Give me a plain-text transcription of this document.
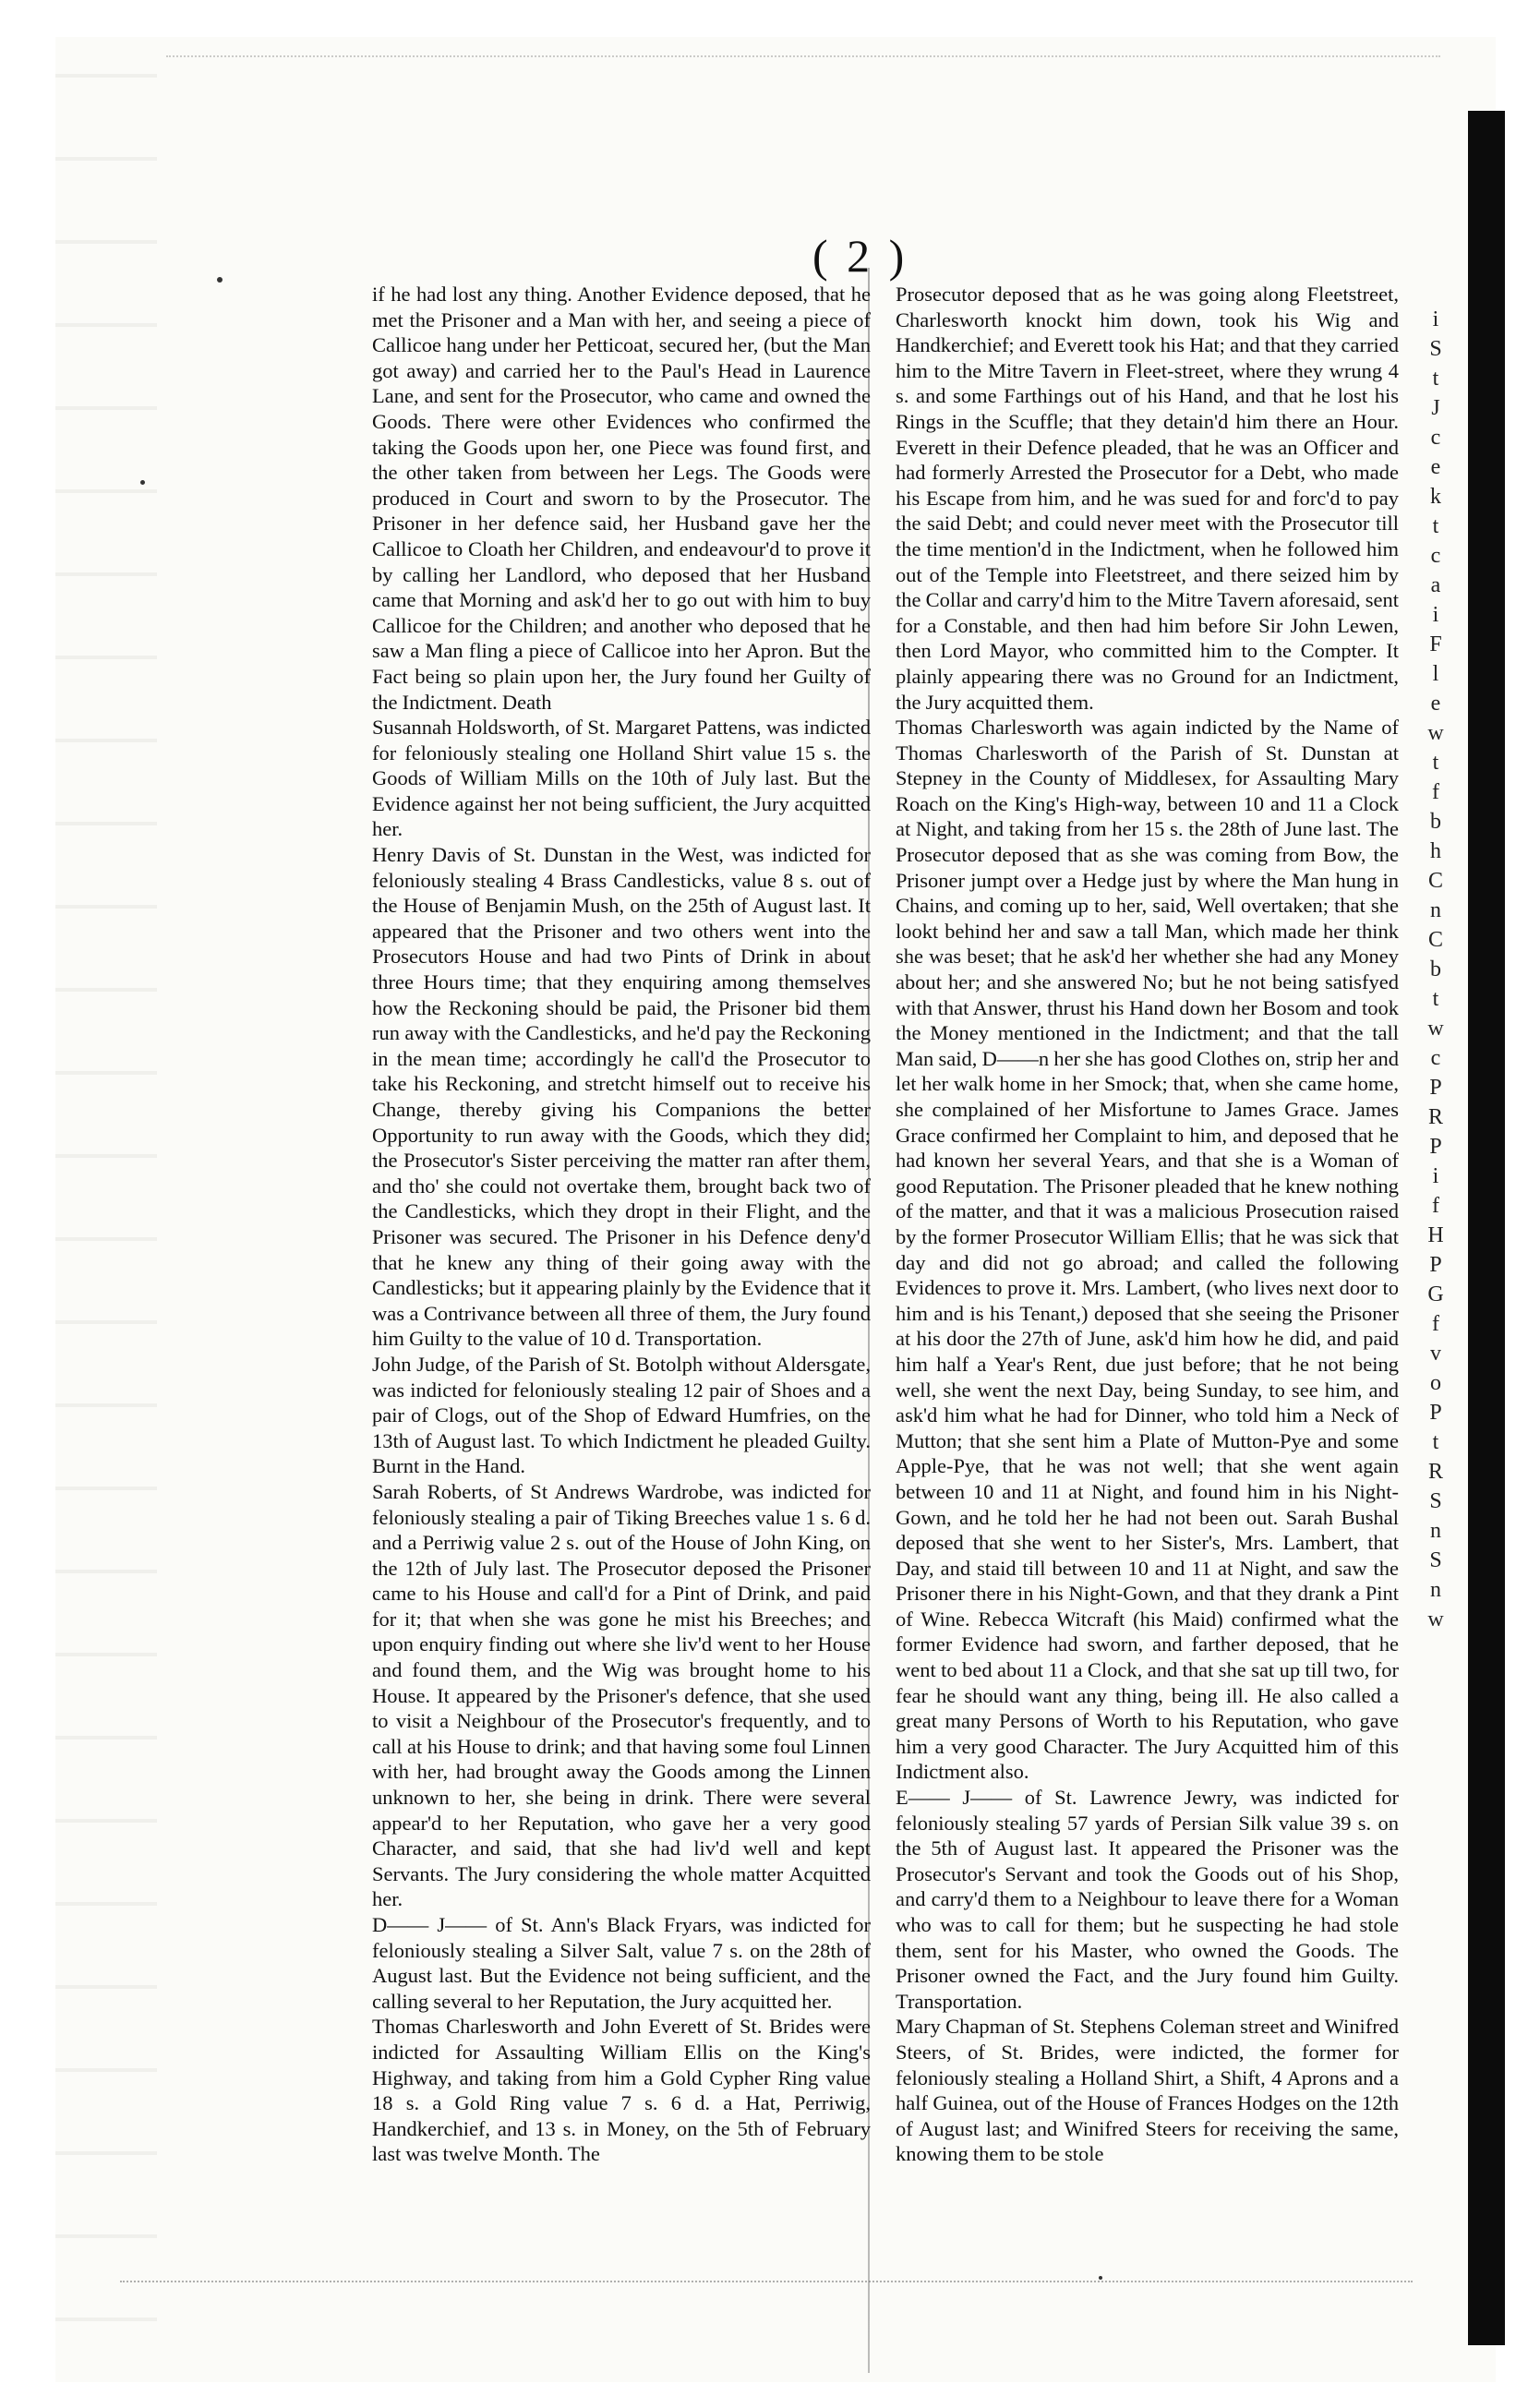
( 2 )

if he had lost any thing. Another Evidence deposed, that he met the Prisoner and a Man with her, and seeing a piece of Callicoe hang under her Petticoat, secured her, (but the Man got away) and carried her to the Paul's Head in Laurence Lane, and sent for the Prosecutor, who came and owned the Goods. There were other Evidences who confirmed the taking the Goods upon her, one Piece was found first, and the other taken from between her Legs. The Goods were produced in Court and sworn to by the Prosecutor. The Prisoner in her defence said, her Husband gave her the Callicoe to Cloath her Children, and endeavour'd to prove it by calling her Landlord, who deposed that her Husband came that Morning and ask'd her to go out with him to buy Callicoe for the Children; and another who deposed that he saw a Man fling a piece of Callicoe into her Apron. But the Fact being so plain upon her, the Jury found her Guilty of the Indictment. Death

Susannah Holdsworth, of St. Margaret Pattens, was indicted for feloniously stealing one Holland Shirt value 15 s. the Goods of William Mills on the 10th of July last. But the Evidence against her not being sufficient, the Jury acquitted her.

Henry Davis of St. Dunstan in the West, was indicted for feloniously stealing 4 Brass Candlesticks, value 8 s. out of the House of Benjamin Mush, on the 25th of August last. It appeared that the Prisoner and two others went into the Prosecutors House and had two Pints of Drink in about three Hours time; that they enquiring among themselves how the Reckoning should be paid, the Prisoner bid them run away with the Candlesticks, and he'd pay the Reckoning in the mean time; accordingly he call'd the Prosecutor to take his Reckoning, and stretcht himself out to receive his Change, thereby giving his Companions the better Opportunity to run away with the Goods, which they did; the Prosecutor's Sister perceiving the matter ran after them, and tho' she could not overtake them, brought back two of the Candlesticks, which they dropt in their Flight, and the Prisoner was secured. The Prisoner in his Defence deny'd that he knew any thing of their going away with the Candlesticks; but it appearing plainly by the Evidence that it was a Contrivance between all three of them, the Jury found him Guilty to the value of 10 d. Transportation.

John Judge, of the Parish of St. Botolph without Aldersgate, was indicted for feloniously stealing 12 pair of Shoes and a pair of Clogs, out of the Shop of Edward Humfries, on the 13th of August last. To which Indictment he pleaded Guilty. Burnt in the Hand.

Sarah Roberts, of St Andrews Wardrobe, was indicted for feloniously stealing a pair of Tiking Breeches value 1 s. 6 d. and a Perriwig value 2 s. out of the House of John King, on the 12th of July last. The Prosecutor deposed the Prisoner came to his House and call'd for a Pint of Drink, and paid for it; that when she was gone he mist his Breeches; and upon enquiry finding out where she liv'd went to her House and found them, and the Wig was brought home to his House. It appeared by the Prisoner's defence, that she used to visit a Neighbour of the Prosecutor's frequently, and to call at his House to drink; and that having some foul Linnen with her, had brought away the Goods among the Linnen unknown to her, she being in drink. There were several appear'd to her Reputation, who gave her a very good Character, and said, that she had liv'd well and kept Servants. The Jury considering the whole matter Acquitted her.

D—— J—— of St. Ann's Black Fryars, was indicted for feloniously stealing a Silver Salt, value 7 s. on the 28th of August last. But the Evidence not being sufficient, and the calling several to her Reputation, the Jury acquitted her.

Thomas Charlesworth and John Everett of St. Brides were indicted for Assaulting William Ellis on the King's Highway, and taking from him a Gold Cypher Ring value 18 s. a Gold Ring value 7 s. 6 d. a Hat, Perriwig, Handkerchief, and 13 s. in Money, on the 5th of February last was twelve Month. The

Prosecutor deposed that as he was going along Fleetstreet, Charlesworth knockt him down, took his Wig and Handkerchief; and Everett took his Hat; and that they carried him to the Mitre Tavern in Fleet-street, where they wrung 4 s. and some Farthings out of his Hand, and that he lost his Rings in the Scuffle; that they detain'd him there an Hour. Everett in their Defence pleaded, that he was an Officer and had formerly Arrested the Prosecutor for a Debt, who made his Escape from him, and he was sued for and forc'd to pay the said Debt; and could never meet with the Prosecutor till the time mention'd in the Indictment, when he followed him out of the Temple into Fleetstreet, and there seized him by the Collar and carry'd him to the Mitre Tavern aforesaid, sent for a Constable, and then had him before Sir John Lewen, then Lord Mayor, who committed him to the Compter. It plainly appearing there was no Ground for an Indictment, the Jury acquitted them.

Thomas Charlesworth was again indicted by the Name of Thomas Charlesworth of the Parish of St. Dunstan at Stepney in the County of Middlesex, for Assaulting Mary Roach on the King's High-way, between 10 and 11 a Clock at Night, and taking from her 15 s. the 28th of June last. The Prosecutor deposed that as she was coming from Bow, the Prisoner jumpt over a Hedge just by where the Man hung in Chains, and coming up to her, said, Well overtaken; that she lookt behind her and saw a tall Man, which made her think she was beset; that he ask'd her whether she had any Money about her; and she answered No; but he not being satisfyed with that Answer, thrust his Hand down her Bosom and took the Money mentioned in the Indictment; and that the tall Man said, D——n her she has good Clothes on, strip her and let her walk home in her Smock; that, when she came home, she complained of her Misfortune to James Grace. James Grace confirmed her Complaint to him, and deposed that he had known her several Years, and that she is a Woman of good Reputation. The Prisoner pleaded that he knew nothing of the matter, and that it was a malicious Prosecution raised by the former Prosecutor William Ellis; that he was sick that day and did not go abroad; and called the following Evidences to prove it. Mrs. Lambert, (who lives next door to him and is his Tenant,) deposed that she seeing the Prisoner at his door the 27th of June, ask'd him how he did, and paid him half a Year's Rent, due just before; that he not being well, she went the next Day, being Sunday, to see him, and ask'd him what he had for Dinner, who told him a Neck of Mutton; that she sent him a Plate of Mutton-Pye and some Apple-Pye, that he was not well; that she went again between 10 and 11 at Night, and found him in his Night-Gown, and he told her he had not been out. Sarah Bushal deposed that she went to her Sister's, Mrs. Lambert, that Day, and staid till between 10 and 11 at Night, and saw the Prisoner there in his Night-Gown, and that they drank a Pint of Wine. Rebecca Witcraft (his Maid) confirmed what the former Evidence had sworn, and farther deposed, that he went to bed about 11 a Clock, and that she sat up till two, for fear he should want any thing, being ill. He also called a great many Persons of Worth to his Reputation, who gave him a very good Character. The Jury Acquitted him of this Indictment also.

E—— J—— of St. Lawrence Jewry, was indicted for feloniously stealing 57 yards of Persian Silk value 39 s. on the 5th of August last. It appeared the Prisoner was the Prosecutor's Servant and took the Goods out of his Shop, and carry'd them to a Neighbour to leave there for a Woman who was to call for them; but he suspecting he had stole them, sent for his Master, who owned the Goods. The Prisoner owned the Fact, and the Jury found him Guilty. Transportation.

Mary Chapman of St. Stephens Coleman street and Winifred Steers, of St. Brides, were indicted, the former for feloniously stealing a Holland Shirt, a Shift, 4 Aprons and a half Guinea, out of the House of Frances Hodges on the 12th of August last; and Winifred Steers for receiving the same, knowing them to be stole

i
S
t
J
c
e
k
t
c
a
i
F
l
e
w
t
f
b
h
C
n
C
b
t
w
c
P
R
P
i
f
H
P
G
f
v
o
P
t
R
S
n
S
n
w
